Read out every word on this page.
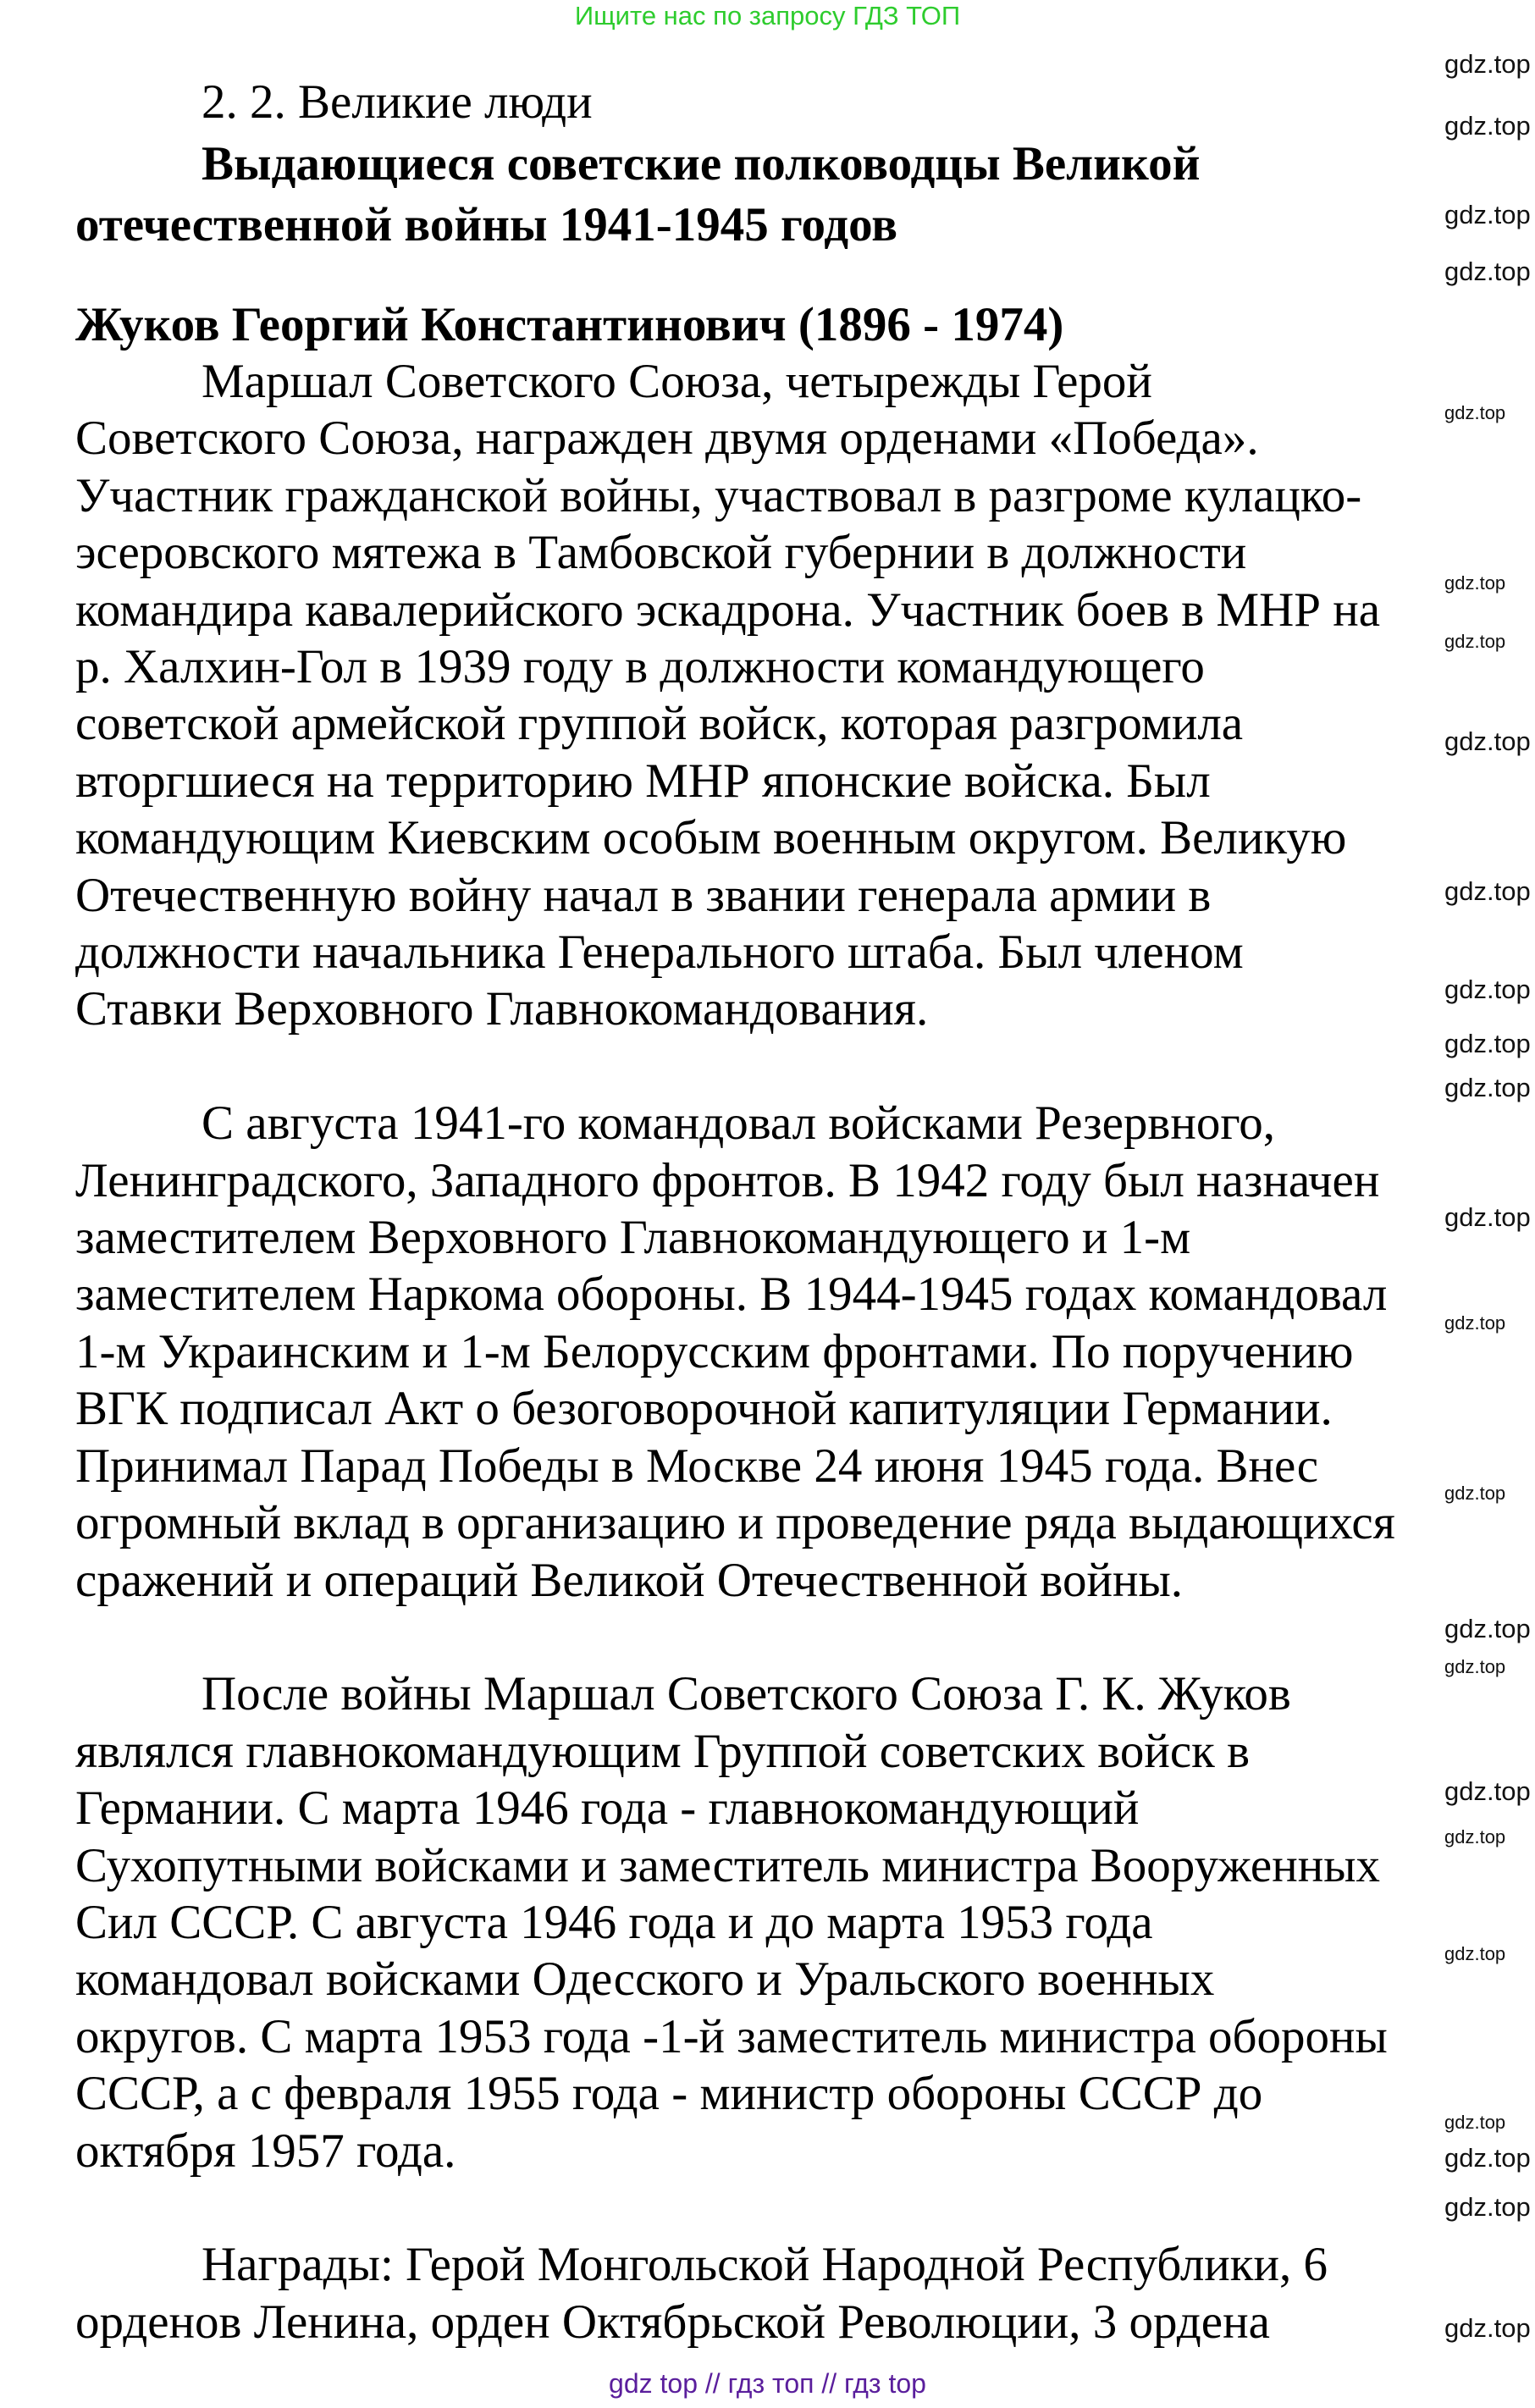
Ищите нас по запросу ГДЗ ТОП
2. 2. Великие люди
Выдающиеся советские полководцы Великой
отечественной войны 1941-1945 годов
Жуков Георгий Константинович (1896 - 1974)
Маршал Советского Союза, четырежды Герой
Советского Союза, награжден двумя орденами «Победа».
Участник гражданской войны, участвовал в разгроме кулацко-
эсеровского мятежа в Тамбовской губернии в должности
командира кавалерийского эскадрона. Участник боев в МНР на
р. Халхин-Гол в 1939 году в должности командующего
советской армейской группой войск, которая разгромила
вторгшиеся на территорию МНР японские войска. Был
командующим Киевским особым военным округом. Великую
Отечественную войну начал в звании генерала армии в
должности начальника Генерального штаба. Был членом
Ставки Верховного Главнокомандования.
С августа 1941-го командовал войсками Резервного,
Ленинградского, Западного фронтов. В 1942 году был назначен
заместителем Верховного Главнокомандующего и 1-м
заместителем Наркома обороны. В 1944-1945 годах командовал
1-м Украинским и 1-м Белорусским фронтами. По поручению
ВГК подписал Акт о безоговорочной капитуляции Германии.
Принимал Парад Победы в Москве 24 июня 1945 года. Внес
огромный вклад в организацию и проведение ряда выдающихся
сражений и операций Великой Отечественной войны.
После войны Маршал Советского Союза Г. К. Жуков
являлся главнокомандующим Группой советских войск в
Германии. С марта 1946 года - главнокомандующий
Сухопутными войсками и заместитель министра Вооруженных
Сил СССР. С августа 1946 года и до марта 1953 года
командовал войсками Одесского и Уральского военных
округов. С марта 1953 года -1-й заместитель министра обороны
СССР, а с февраля 1955 года - министр обороны СССР до
октября 1957 года.
Награды: Герой Монгольской Народной Республики, 6
орденов Ленина, орден Октябрьской Революции, 3 ордена
gdz.top
gdz.top
gdz.top
gdz.top
gdz.top
gdz.top
gdz.top
gdz.top
gdz.top
gdz.top
gdz.top
gdz.top
gdz.top
gdz.top
gdz.top
gdz.top
gdz.top
gdz.top
gdz.top
gdz.top
gdz.top
gdz.top
gdz.top
gdz.top
gdz top // гдз топ // гдз top
